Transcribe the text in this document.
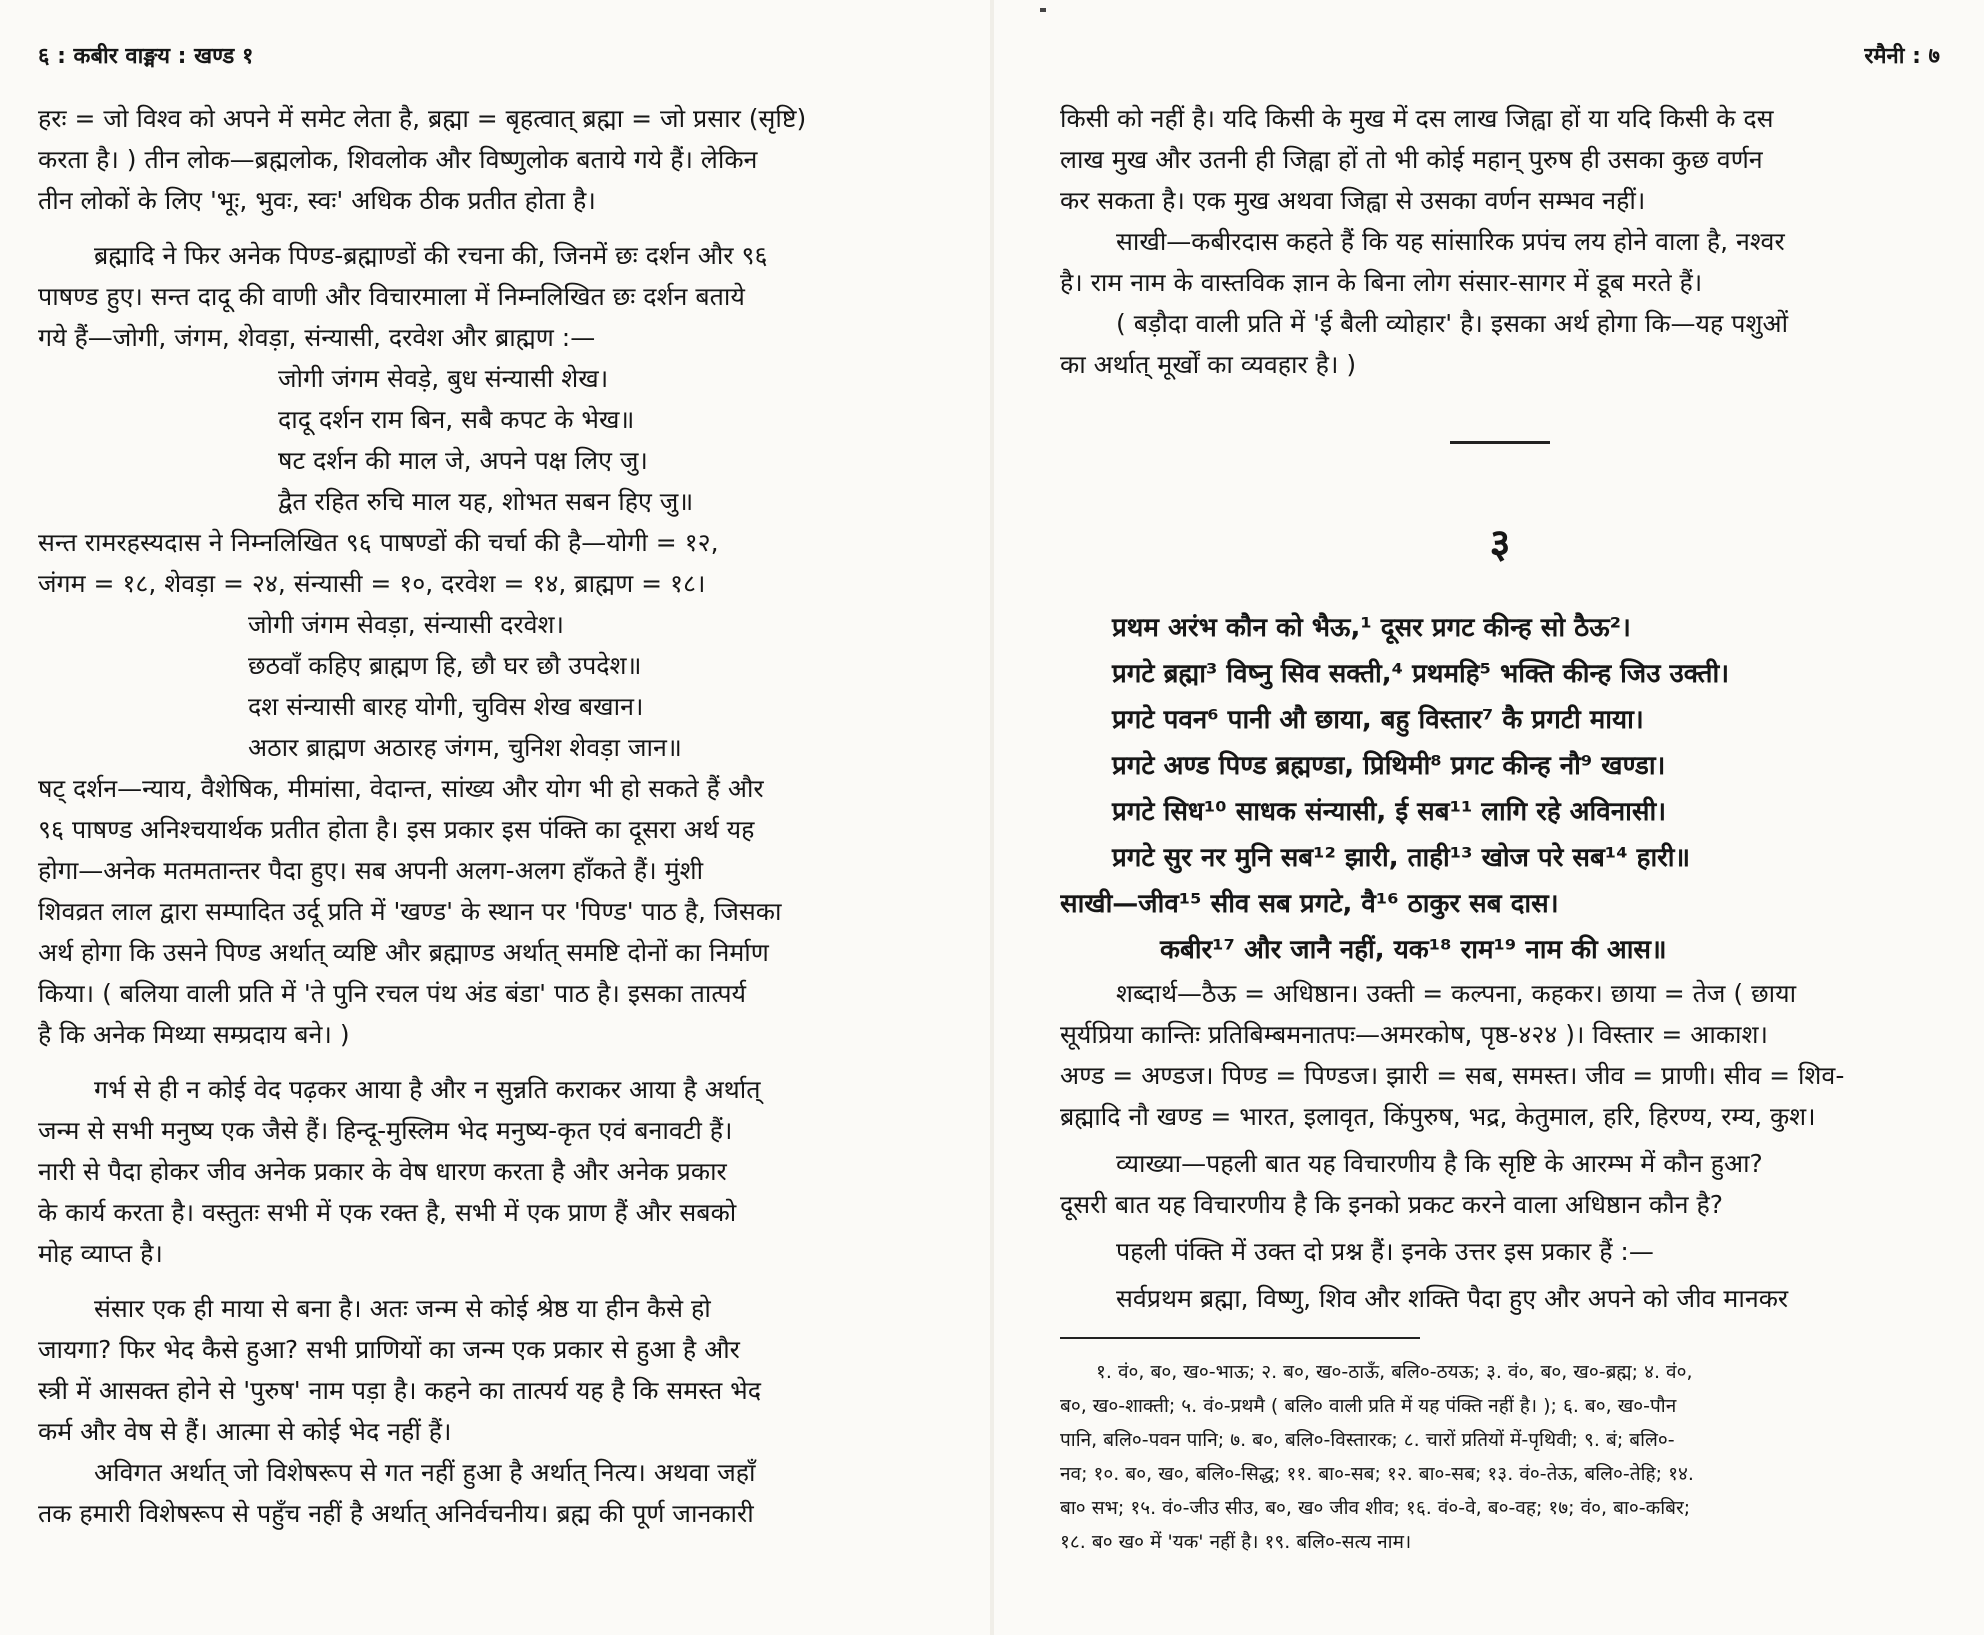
६ : कबीर वाङ्मय : खण्ड १

हरः = जो विश्व को अपने में समेट लेता है, ब्रह्मा = बृहत्वात् ब्रह्मा = जो प्रसार (सृष्टि)

करता है। ) तीन लोक—ब्रह्मलोक, शिवलोक और विष्णुलोक बताये गये हैं। लेकिन

तीन लोकों के लिए 'भूः, भुवः, स्वः' अधिक ठीक प्रतीत होता है।

ब्रह्मादि ने फिर अनेक पिण्ड-ब्रह्माण्डों की रचना की, जिनमें छः दर्शन और ९६

पाषण्ड हुए। सन्त दादू की वाणी और विचारमाला में निम्नलिखित छः दर्शन बताये

गये हैं—जोगी, जंगम, शेवड़ा, संन्यासी, दरवेश और ब्राह्मण :—

जोगी जंगम सेवड़े, बुध संन्यासी शेख।

दादू दर्शन राम बिन, सबै कपट के भेख॥

षट दर्शन की माल जे, अपने पक्ष लिए जु।

द्वैत रहित रुचि माल यह, शोभत सबन हिए जु॥

सन्त रामरहस्यदास ने निम्नलिखित ९६ पाषण्डों की चर्चा की है—योगी = १२,

जंगम = १८, शेवड़ा = २४, संन्यासी = १०, दरवेश = १४, ब्राह्मण = १८।

जोगी जंगम सेवड़ा, संन्यासी दरवेश।

छठवाँ कहिए ब्राह्मण हि, छौ घर छौ उपदेश॥

दश संन्यासी बारह योगी, चुविस शेख बखान।

अठार ब्राह्मण अठारह जंगम, चुनिश शेवड़ा जान॥

षट् दर्शन—न्याय, वैशेषिक, मीमांसा, वेदान्त, सांख्य और योग भी हो सकते हैं और

९६ पाषण्ड अनिश्चयार्थक प्रतीत होता है। इस प्रकार इस पंक्ति का दूसरा अर्थ यह

होगा—अनेक मतमतान्तर पैदा हुए। सब अपनी अलग-अलग हाँकते हैं। मुंशी

शिवव्रत लाल द्वारा सम्पादित उर्दू प्रति में 'खण्ड' के स्थान पर 'पिण्ड' पाठ है, जिसका

अर्थ होगा कि उसने पिण्ड अर्थात् व्यष्टि और ब्रह्माण्ड अर्थात् समष्टि दोनों का निर्माण

किया। ( बलिया वाली प्रति में 'ते पुनि रचल पंथ अंड बंडा' पाठ है। इसका तात्पर्य

है कि अनेक मिथ्या सम्प्रदाय बने। )

गर्भ से ही न कोई वेद पढ़कर आया है और न सुन्नति कराकर आया है अर्थात्

जन्म से सभी मनुष्य एक जैसे हैं। हिन्दू-मुस्लिम भेद मनुष्य-कृत एवं बनावटी हैं।

नारी से पैदा होकर जीव अनेक प्रकार के वेष धारण करता है और अनेक प्रकार

के कार्य करता है। वस्तुतः सभी में एक रक्त है, सभी में एक प्राण हैं और सबको

मोह व्याप्त है।

संसार एक ही माया से बना है। अतः जन्म से कोई श्रेष्ठ या हीन कैसे हो

जायगा? फिर भेद कैसे हुआ? सभी प्राणियों का जन्म एक प्रकार से हुआ है और

स्त्री में आसक्त होने से 'पुरुष' नाम पड़ा है। कहने का तात्पर्य यह है कि समस्त भेद

कर्म और वेष से हैं। आत्मा से कोई भेद नहीं हैं।

अविगत अर्थात् जो विशेषरूप से गत नहीं हुआ है अर्थात् नित्य। अथवा जहाँ

तक हमारी विशेषरूप से पहुँच नहीं है अर्थात् अनिर्वचनीय। ब्रह्म की पूर्ण जानकारी

रमैनी : ७

किसी को नहीं है। यदि किसी के मुख में दस लाख जिह्वा हों या यदि किसी के दस

लाख मुख और उतनी ही जिह्वा हों तो भी कोई महान् पुरुष ही उसका कुछ वर्णन

कर सकता है। एक मुख अथवा जिह्वा से उसका वर्णन सम्भव नहीं।

साखी—कबीरदास कहते हैं कि यह सांसारिक प्रपंच लय होने वाला है, नश्वर

है। राम नाम के वास्तविक ज्ञान के बिना लोग संसार-सागर में डूब मरते हैं।

( बड़ौदा वाली प्रति में 'ई बैली व्योहार' है। इसका अर्थ होगा कि—यह पशुओं

का अर्थात् मूर्खों का व्यवहार है। )

३

प्रथम अरंभ कौन को भैऊ,¹ दूसर प्रगट कीन्ह सो ठैऊ²।

प्रगटे ब्रह्मा³ विष्नु सिव सक्ती,⁴ प्रथमहि⁵ भक्ति कीन्ह जिउ उक्ती।

प्रगटे पवन⁶ पानी औ छाया, बहु विस्तार⁷ कै प्रगटी माया।

प्रगटे अण्ड पिण्ड ब्रह्मण्डा, प्रिथिमी⁸ प्रगट कीन्ह नौ⁹ खण्डा।

प्रगटे सिध¹⁰ साधक संन्यासी, ई सब¹¹ लागि रहे अविनासी।

प्रगटे सुर नर मुनि सब¹² झारी, ताही¹³ खोज परे सब¹⁴ हारी॥

साखी—जीव¹⁵ सीव सब प्रगटे, वै¹⁶ ठाकुर सब दास।

कबीर¹⁷ और जानै नहीं, यक¹⁸ राम¹⁹ नाम की आस॥

शब्दार्थ—ठैऊ = अधिष्ठान। उक्ती = कल्पना, कहकर। छाया = तेज ( छाया

सूर्यप्रिया कान्तिः प्रतिबिम्बमनातपः—अमरकोष, पृष्ठ-४२४ )। विस्तार = आकाश।

अण्ड = अण्डज। पिण्ड = पिण्डज। झारी = सब, समस्त। जीव = प्राणी। सीव = शिव-

ब्रह्मादि नौ खण्ड = भारत, इलावृत, किंपुरुष, भद्र, केतुमाल, हरि, हिरण्य, रम्य, कुश।

व्याख्या—पहली बात यह विचारणीय है कि सृष्टि के आरम्भ में कौन हुआ?

दूसरी बात यह विचारणीय है कि इनको प्रकट करने वाला अधिष्ठान कौन है?

पहली पंक्ति में उक्त दो प्रश्न हैं। इनके उत्तर इस प्रकार हैं :—

सर्वप्रथम ब्रह्मा, विष्णु, शिव और शक्ति पैदा हुए और अपने को जीव मानकर

१. वं०, ब०, ख०-भाऊ; २. ब०, ख०-ठाऊँ, बलि०-ठयऊ; ३. वं०, ब०, ख०-ब्रह्म; ४. वं०,

ब०, ख०-शाक्ती; ५. वं०-प्रथमै ( बलि० वाली प्रति में यह पंक्ति नहीं है। ); ६. ब०, ख०-पौन

पानि, बलि०-पवन पानि; ७. ब०, बलि०-विस्तारक; ८. चारों प्रतियों में-पृथिवी; ९. बं; बलि०-

नव; १०. ब०, ख०, बलि०-सिद्ध; ११. बा०-सब; १२. बा०-सब; १३. वं०-तेऊ, बलि०-तेहि; १४.

बा० सभ; १५. वं०-जीउ सीउ, ब०, ख० जीव शीव; १६. वं०-वे, ब०-वह; १७; वं०, बा०-कबिर;

१८. ब० ख० में 'यक' नहीं है। १९. बलि०-सत्य नाम।
